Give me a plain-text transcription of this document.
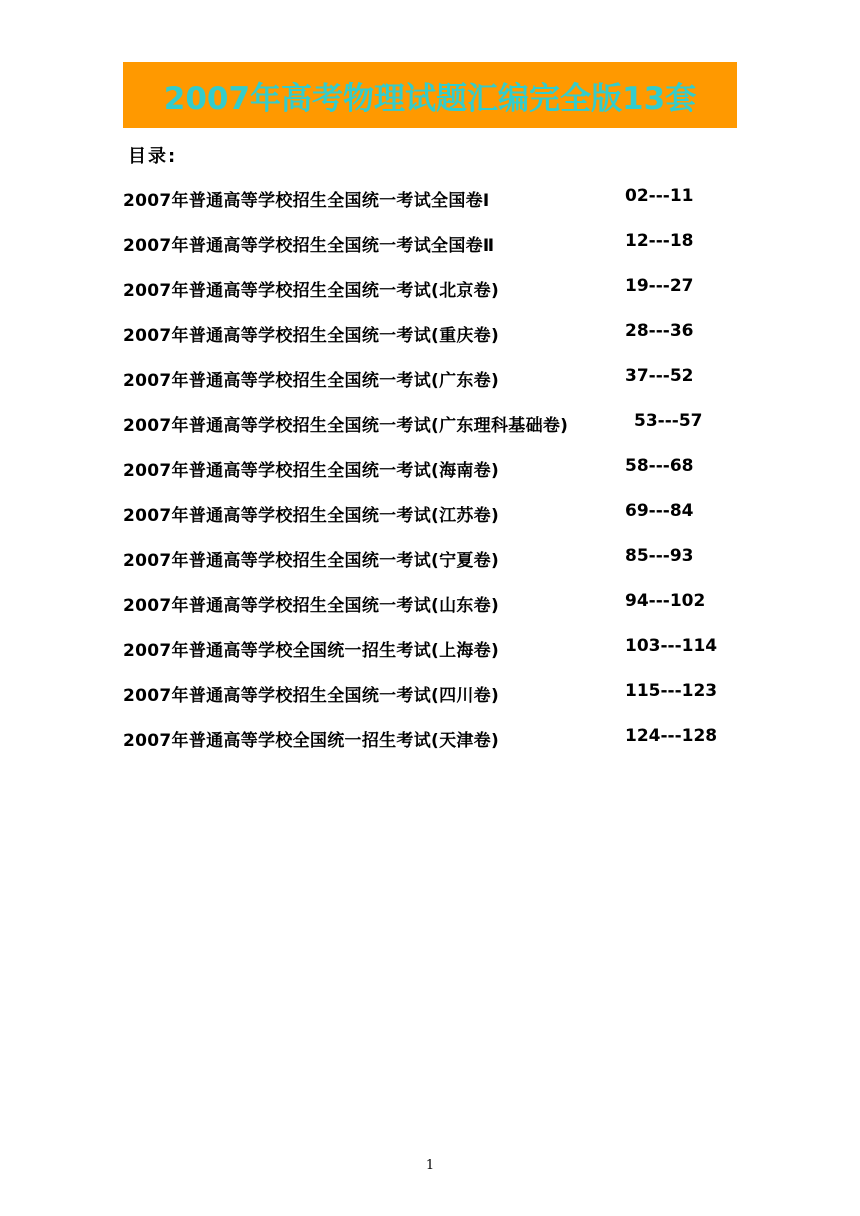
2007年高考物理试题汇编完全版13套
目录:
2007年普通高等学校招生全国统一考试全国卷Ⅰ	02---11
2007年普通高等学校招生全国统一考试全国卷Ⅱ	12---18
2007年普通高等学校招生全国统一考试(北京卷)	19---27
2007年普通高等学校招生全国统一考试(重庆卷)	28---36
2007年普通高等学校招生全国统一考试(广东卷)	37---52
2007年普通高等学校招生全国统一考试(广东理科基础卷)	53---57
2007年普通高等学校招生全国统一考试(海南卷)	58---68
2007年普通高等学校招生全国统一考试(江苏卷)	69---84
2007年普通高等学校招生全国统一考试(宁夏卷)	85---93
2007年普通高等学校招生全国统一考试(山东卷)	94---102
2007年普通高等学校全国统一招生考试(上海卷)	103---114
2007年普通高等学校招生全国统一考试(四川卷)	115---123
2007年普通高等学校全国统一招生考试(天津卷)	124---128
1
